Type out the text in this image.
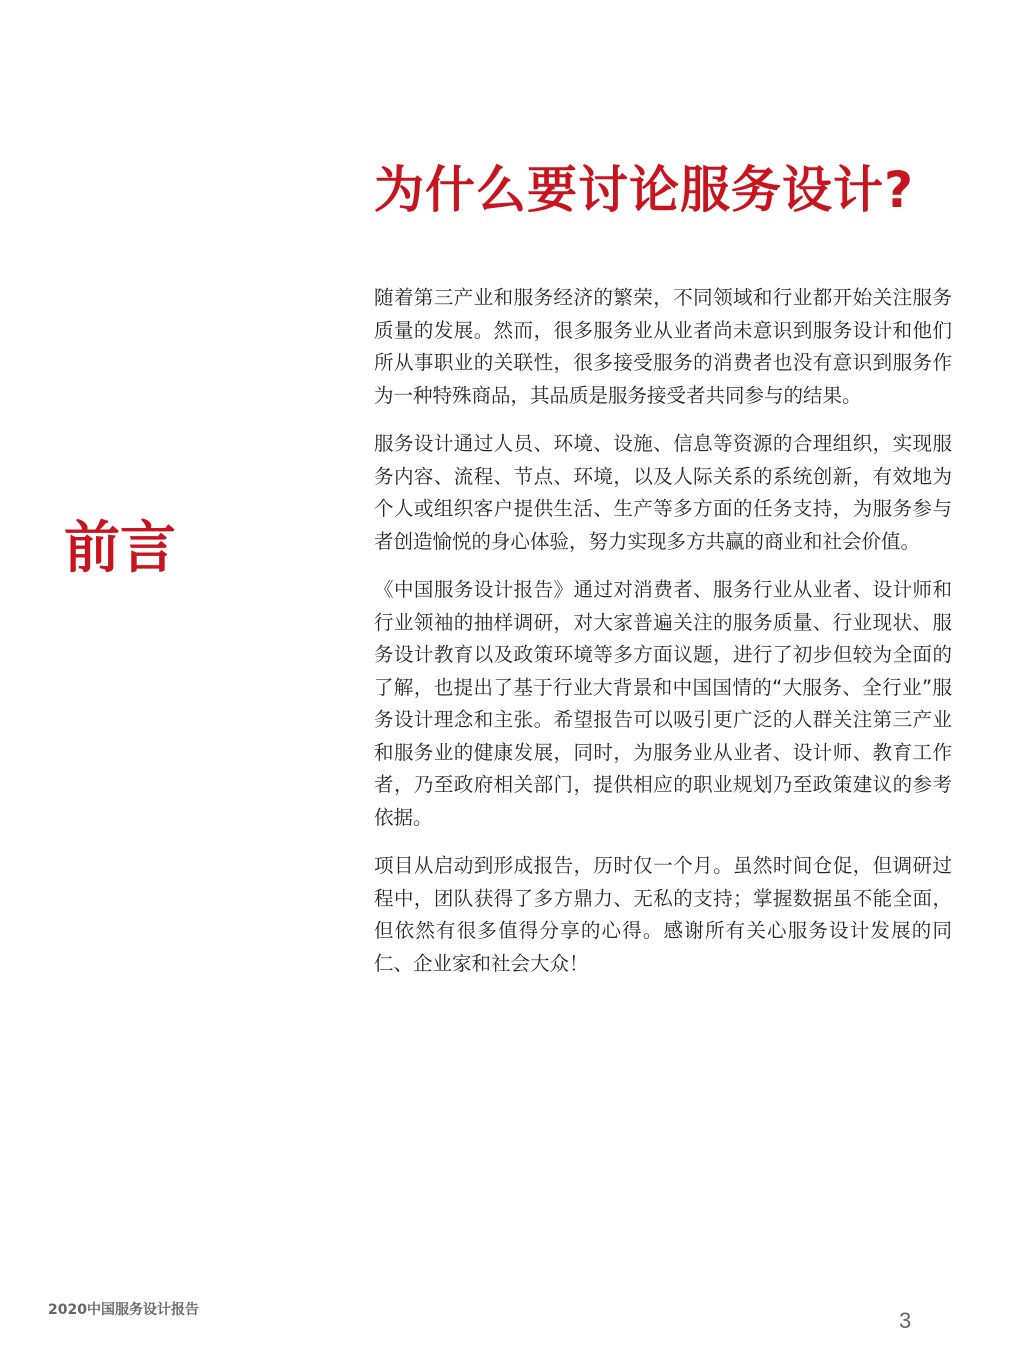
为什么要讨论服务设计?
前言

随着第三产业和服务经济的繁荣，不同领域和行业都开始关注服务质量的发展。然而，很多服务业从业者尚未意识到服务设计和他们所从事职业的关联性，很多接受服务的消费者也没有意识到服务作为一种特殊商品，其品质是服务接受者共同参与的结果。

服务设计通过人员、环境、设施、信息等资源的合理组织，实现服务内容、流程、节点、环境，以及人际关系的系统创新，有效地为个人或组织客户提供生活、生产等多方面的任务支持，为服务参与者创造愉悦的身心体验，努力实现多方共赢的商业和社会价值。

《中国服务设计报告》通过对消费者、服务行业从业者、设计师和行业领袖的抽样调研，对大家普遍关注的服务质量、行业现状、服务设计教育以及政策环境等多方面议题，进行了初步但较为全面的了解，也提出了基于行业大背景和中国国情的“大服务、全行业”服务设计理念和主张。希望报告可以吸引更广泛的人群关注第三产业和服务业的健康发展，同时，为服务业从业者、设计师、教育工作者，乃至政府相关部门，提供相应的职业规划乃至政策建议的参考依据。

项目从启动到形成报告，历时仅一个月。虽然时间仓促，但调研过程中，团队获得了多方鼎力、无私的支持；掌握数据虽不能全面，但依然有很多值得分享的心得。感谢所有关心服务设计发展的同仁、企业家和社会大众！

2020中国服务设计报告	3
